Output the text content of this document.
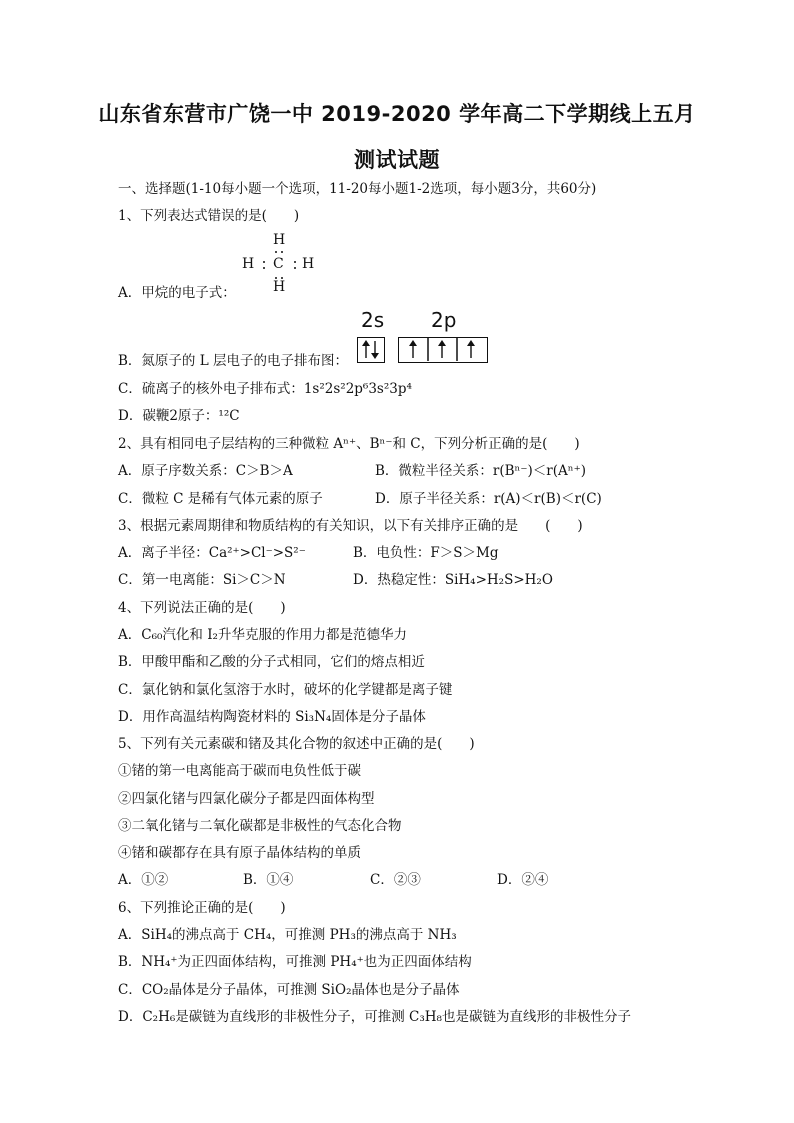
山东省东营市广饶一中 2019-2020 学年高二下学期线上五月
测试试题
一、选择题(1-10每小题一个选项，11-20每小题1-2选项，每小题3分，共60分)
1、下列表达式错误的是(　　)
H
H C H
H
A．甲烷的电子式：
2s 2p
B．氮原子的 L 层电子的电子排布图：
C．硫离子的核外电子排布式：1s²2s²2p⁶3s²3p⁴
D．碳鞭2原子：¹²C
2、具有相同电子层结构的三种微粒 Aⁿ⁺、Bⁿ⁻和 C，下列分析正确的是(　　)
A．原子序数关系：C＞B＞A	B．微粒半径关系：r(Bⁿ⁻)＜r(Aⁿ⁺)
C．微粒 C 是稀有气体元素的原子	D．原子半径关系：r(A)＜r(B)＜r(C)
3、根据元素周期律和物质结构的有关知识，以下有关排序正确的是　　(　　)
A．离子半径：Ca²⁺>Cl⁻>S²⁻	B．电负性：F＞S＞Mg
C．第一电离能：Si＞C＞N	D．热稳定性：SiH₄>H₂S>H₂O
4、下列说法正确的是(　　)
A．C₆₀汽化和 I₂升华克服的作用力都是范德华力
B．甲酸甲酯和乙酸的分子式相同，它们的熔点相近
C．氯化钠和氯化氢溶于水时，破坏的化学键都是离子键
D．用作高温结构陶瓷材料的 Si₃N₄固体是分子晶体
5、下列有关元素碳和锗及其化合物的叙述中正确的是(　　)
①锗的第一电离能高于碳而电负性低于碳
②四氯化锗与四氯化碳分子都是四面体构型
③二氧化锗与二氧化碳都是非极性的气态化合物
④锗和碳都存在具有原子晶体结构的单质
A．①②	B．①④	C．②③	D．②④
6、下列推论正确的是(　　)
A．SiH₄的沸点高于 CH₄，可推测 PH₃的沸点高于 NH₃
B．NH₄⁺为正四面体结构，可推测 PH₄⁺也为正四面体结构
C．CO₂晶体是分子晶体，可推测 SiO₂晶体也是分子晶体
D．C₂H₆是碳链为直线形的非极性分子，可推测 C₃H₈也是碳链为直线形的非极性分子
